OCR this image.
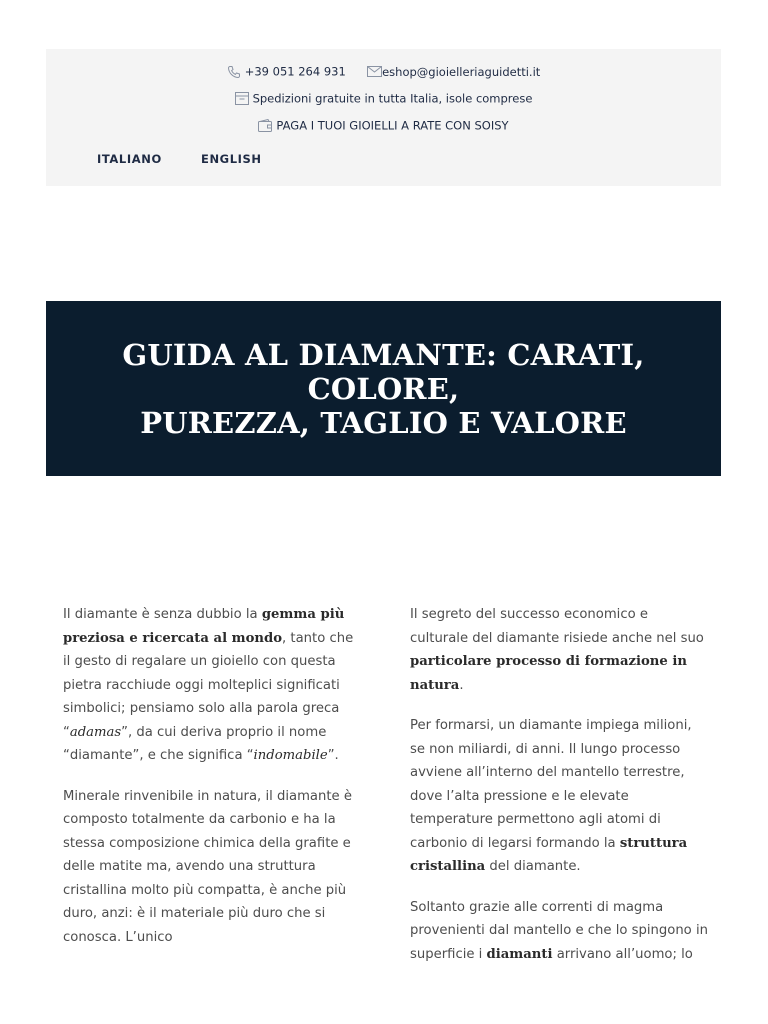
+39 051 264 931	eshop@gioielleriaguidetti.it
Spedizioni gratuite in tutta Italia, isole comprese
PAGA I TUOI GIOIELLI A RATE CON SOISY
ITALIANO	ENGLISH
GUIDA AL DIAMANTE: CARATI, COLORE,
PUREZZA, TAGLIO E VALORE

Il diamante è senza dubbio la gemma più preziosa e ricercata al mondo, tanto che il gesto di regalare un gioiello con questa pietra racchiude oggi molteplici significati simbolici; pensiamo solo alla parola greca “adamas”, da cui deriva proprio il nome “diamante”, e che significa “indomabile”.

Minerale rinvenibile in natura, il diamante è composto totalmente da carbonio e ha la stessa composizione chimica della grafite e delle matite ma, avendo una struttura cristallina molto più compatta, è anche più duro, anzi: è il materiale più duro che si conosca. L’unico

Il segreto del successo economico e culturale del diamante risiede anche nel suo particolare processo di formazione in natura.

Per formarsi, un diamante impiega milioni, se non miliardi, di anni. Il lungo processo avviene all’interno del mantello terrestre, dove l’alta pressione e le elevate temperature permettono agli atomi di carbonio di legarsi formando la struttura cristallina del diamante.

Soltanto grazie alle correnti di magma provenienti dal mantello e che lo spingono in superficie i diamanti arrivano all’uomo; lo
